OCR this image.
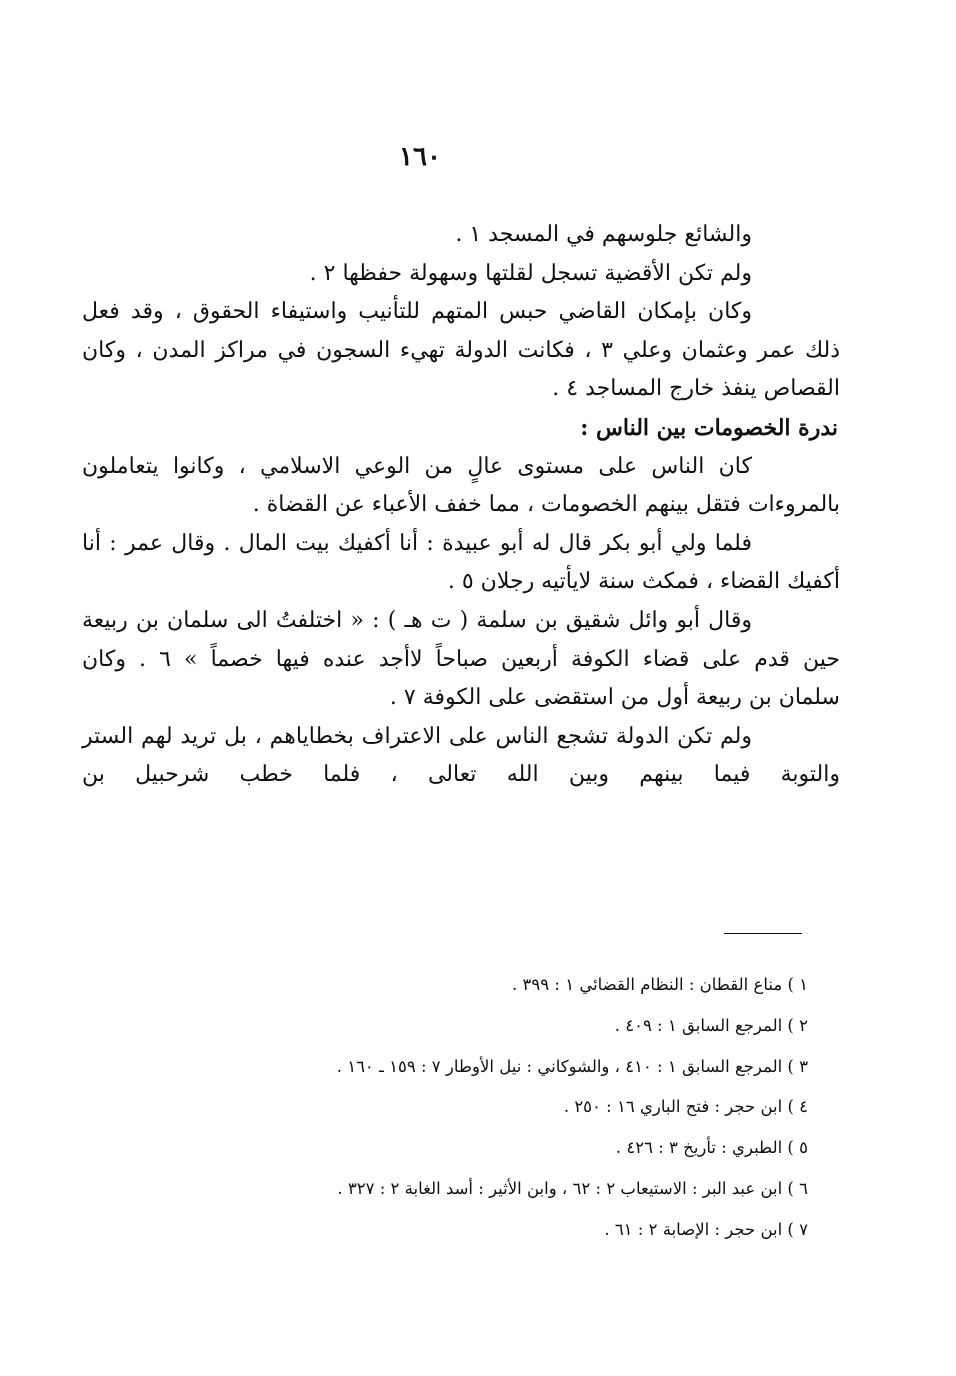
١٦٠
والشائع جلوسهم في المسجد ١ .
ولم تكن الأقضية تسجل لقلتها وسهولة حفظها ٢ .
وكان بإمكان القاضي حبس المتهم للتأنيب واستيفاء الحقوق ، وقد فعل
ذلك عمر وعثمان وعلي ٣ ، فكانت الدولة تهيء السجون في مراكز المدن ، وكان
القصاص ينفذ خارج المساجد ٤ .
ندرة الخصومات بين الناس :
كان الناس على مستوى عالٍ من الوعي الاسلامي ، وكانوا يتعاملون
بالمروءات فتقل بينهم الخصومات ، مما خفف الأعباء عن القضاة .
فلما ولي أبو بكر قال له أبو عبيدة : أنا أكفيك بيت المال . وقال عمر : أنا
أكفيك القضاء ، فمكث سنة لايأتيه رجلان ٥ .
وقال أبو وائل شقيق بن سلمة ( ت هـ ) : « اختلفتُ الى سلمان بن ربيعة
حين قدم على قضاء الكوفة أربعين صباحاً لاأجد عنده فيها خصماً » ٦ . وكان
سلمان بن ربيعة أول من استقضى على الكوفة ٧ .
ولم تكن الدولة تشجع الناس على الاعتراف بخطاياهم ، بل تريد لهم الستر
والتوبة فيما بينهم وبين الله تعالى ، فلما خطب شرحبيل بن
١ ) مناع القطان : النظام القضائي ١ : ٣٩٩ .
٢ ) المرجع السابق ١ : ٤٠٩ .
٣ ) المرجع السابق ١ : ٤١٠ ، والشوكاني : نيل الأوطار ٧ : ١٥٩ ـ ١٦٠ .
٤ ) ابن حجر : فتح الباري ١٦ : ٢٥٠ .
٥ ) الطبري : تأريخ ٣ : ٤٢٦ .
٦ ) ابن عبد البر : الاستيعاب ٢ : ٦٢ ، وابن الأثير : أسد الغابة ٢ : ٣٢٧ .
٧ ) ابن حجر : الإصابة ٢ : ٦١ .
